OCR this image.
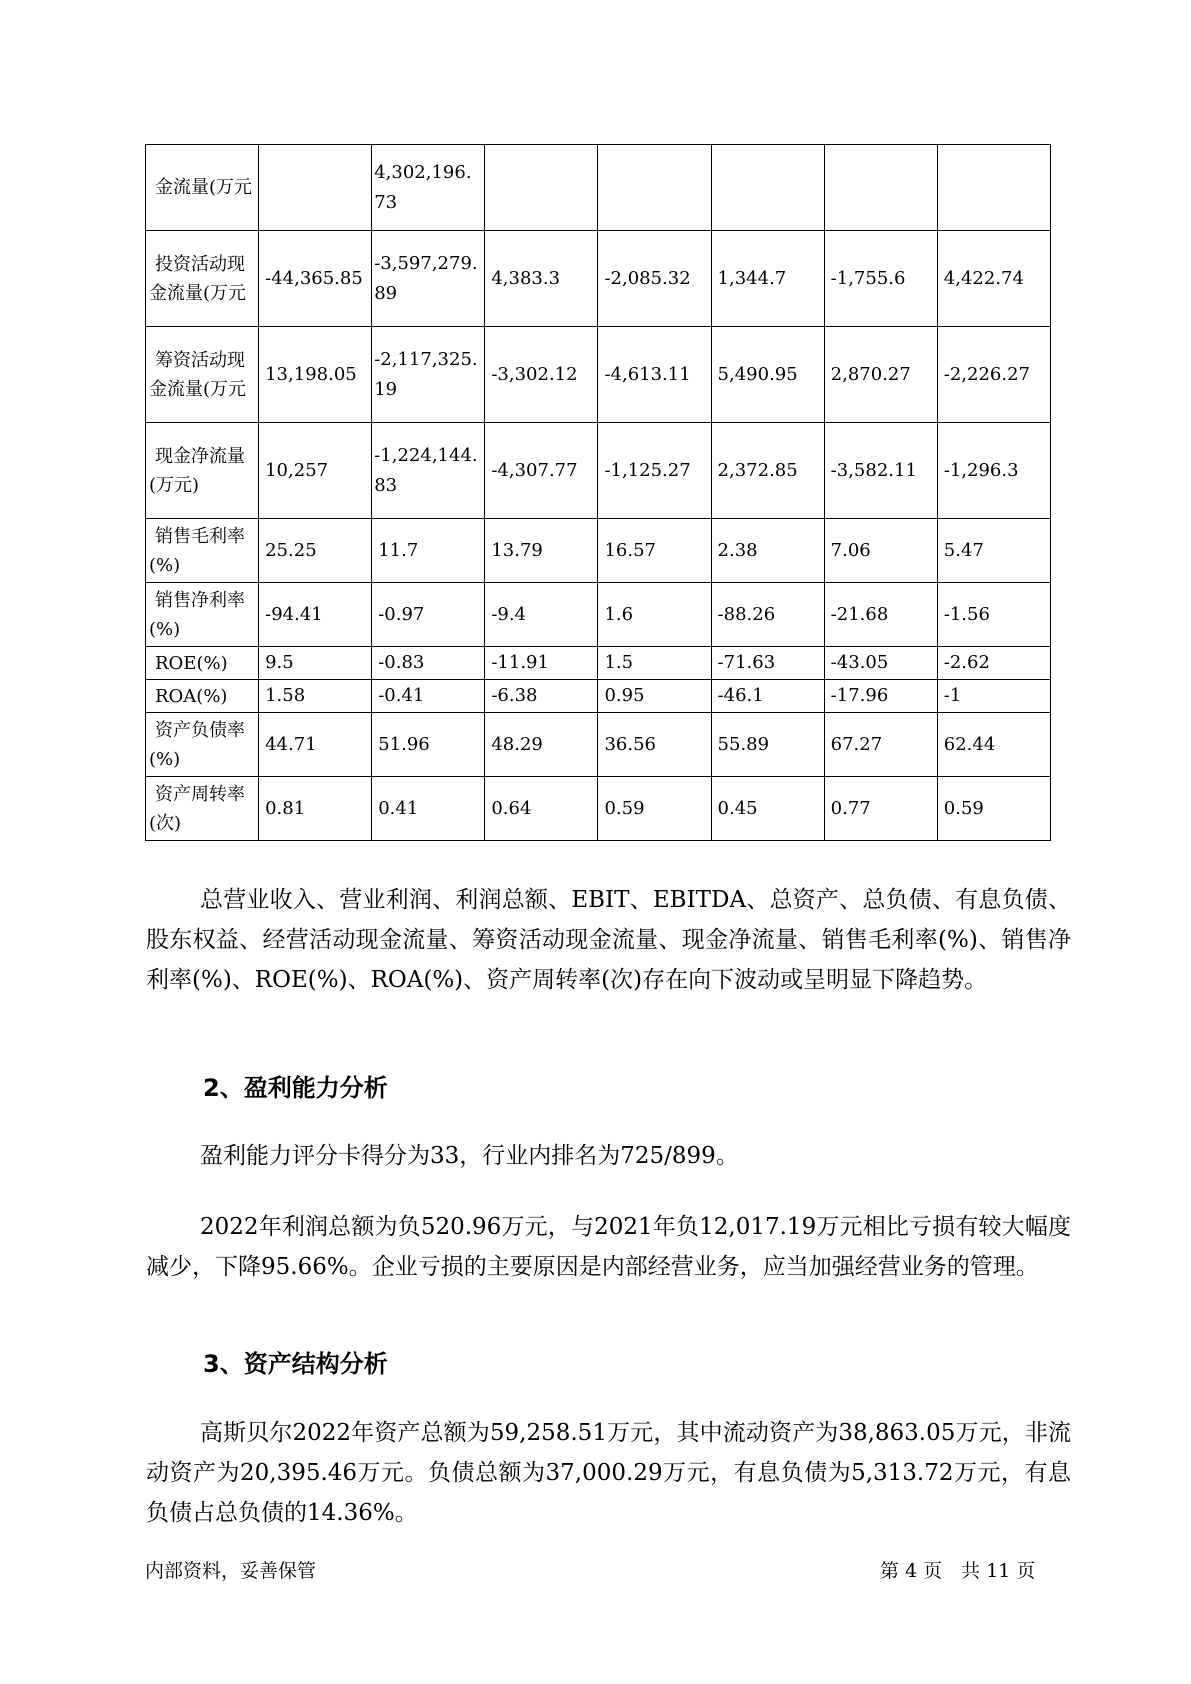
金流量(万元		4,302,196.73					
投资活动现金流量(万元	-44,365.85	-3,597,279.89	4,383.3	-2,085.32	1,344.7	-1,755.6	4,422.74
筹资活动现金流量(万元	13,198.05	-2,117,325.19	-3,302.12	-4,613.11	5,490.95	2,870.27	-2,226.27
现金净流量(万元)	10,257	-1,224,144.83	-4,307.77	-1,125.27	2,372.85	-3,582.11	-1,296.3
销售毛利率(%)	25.25	11.7	13.79	16.57	2.38	7.06	5.47
销售净利率(%)	-94.41	-0.97	-9.4	1.6	-88.26	-21.68	-1.56
ROE(%)	9.5	-0.83	-11.91	1.5	-71.63	-43.05	-2.62
ROA(%)	1.58	-0.41	-6.38	0.95	-46.1	-17.96	-1
资产负债率(%)	44.71	51.96	48.29	36.56	55.89	67.27	62.44
资产周转率(次)	0.81	0.41	0.64	0.59	0.45	0.77	0.59

总营业收入、营业利润、利润总额、EBIT、EBITDA、总资产、总负债、有息负债、股东权益、经营活动现金流量、筹资活动现金流量、现金净流量、销售毛利率(%)、销售净利率(%)、ROE(%)、ROA(%)、资产周转率(次)存在向下波动或呈明显下降趋势。

2、盈利能力分析

盈利能力评分卡得分为33，行业内排名为725/899。

2022年利润总额为负520.96万元，与2021年负12,017.19万元相比亏损有较大幅度减少，下降95.66%。企业亏损的主要原因是内部经营业务，应当加强经营业务的管理。

3、资产结构分析

高斯贝尔2022年资产总额为59,258.51万元，其中流动资产为38,863.05万元，非流动资产为20,395.46万元。负债总额为37,000.29万元，有息负债为5,313.72万元，有息负债占总负债的14.36%。

内部资料，妥善保管	第 4 页　共 11 页
